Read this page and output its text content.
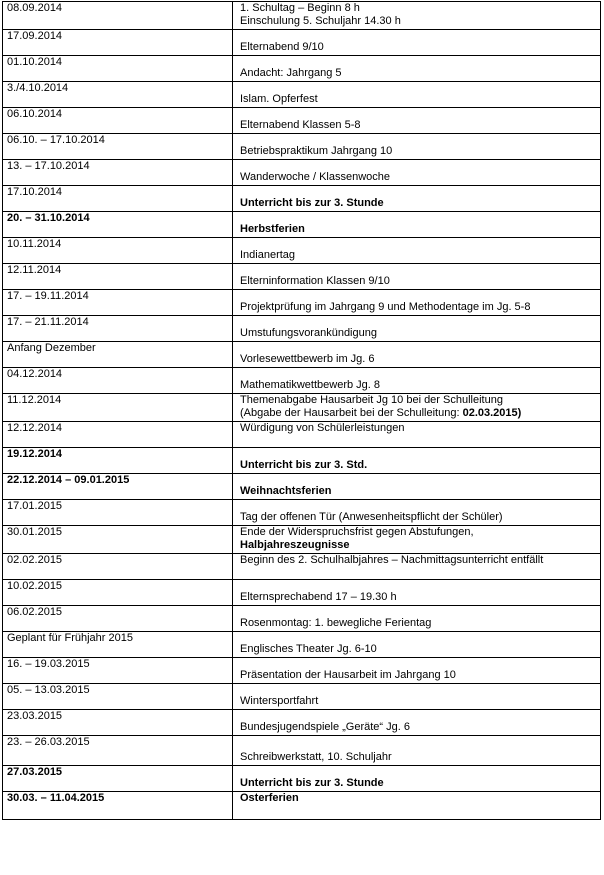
08.09.2014	1. Schultag – Beginn 8 h
Einschulung 5. Schuljahr 14.30 h

17.09.2014	Elternabend 9/10

01.10.2014	Andacht: Jahrgang 5

3./4.10.2014	Islam. Opferfest

06.10.2014	Elternabend Klassen 5-8

06.10. – 17.10.2014	Betriebspraktikum Jahrgang 10

13. – 17.10.2014	Wanderwoche / Klassenwoche

17.10.2014	Unterricht bis zur 3. Stunde

20. – 31.10.2014	Herbstferien

10.11.2014	Indianertag

12.11.2014	Elterninformation Klassen 9/10

17. – 19.11.2014	Projektprüfung im Jahrgang 9 und Methodentage im Jg. 5-8

17. – 21.11.2014	Umstufungsvorankündigung

Anfang Dezember	Vorlesewettbewerb im Jg. 6

04.12.2014	Mathematikwettbewerb Jg. 8

11.12.2014	Themenabgabe Hausarbeit Jg 10 bei der Schulleitung
(Abgabe der Hausarbeit bei der Schulleitung: 02.03.2015)

12.12.2014	Würdigung von Schülerleistungen

19.12.2014	Unterricht bis zur 3. Std.

22.12.2014 – 09.01.2015	Weihnachtsferien

17.01.2015	Tag der offenen Tür (Anwesenheitspflicht der Schüler)

30.01.2015	Ende der Widerspruchsfrist gegen Abstufungen,
Halbjahreszeugnisse

02.02.2015	Beginn des 2. Schulhalbjahres – Nachmittagsunterricht entfällt

10.02.2015	Elternsprechabend 17 – 19.30 h

06.02.2015	Rosenmontag: 1. bewegliche Ferientag

Geplant für Frühjahr 2015	Englisches Theater Jg. 6-10

16. – 19.03.2015	Präsentation der Hausarbeit im Jahrgang 10

05. – 13.03.2015	Wintersportfahrt

23.03.2015	Bundesjugendspiele „Geräte“ Jg. 6

23. – 26.03.2015	Schreibwerkstatt, 10. Schuljahr

27.03.2015	Unterricht bis zur 3. Stunde

30.03. – 11.04.2015	Osterferien
